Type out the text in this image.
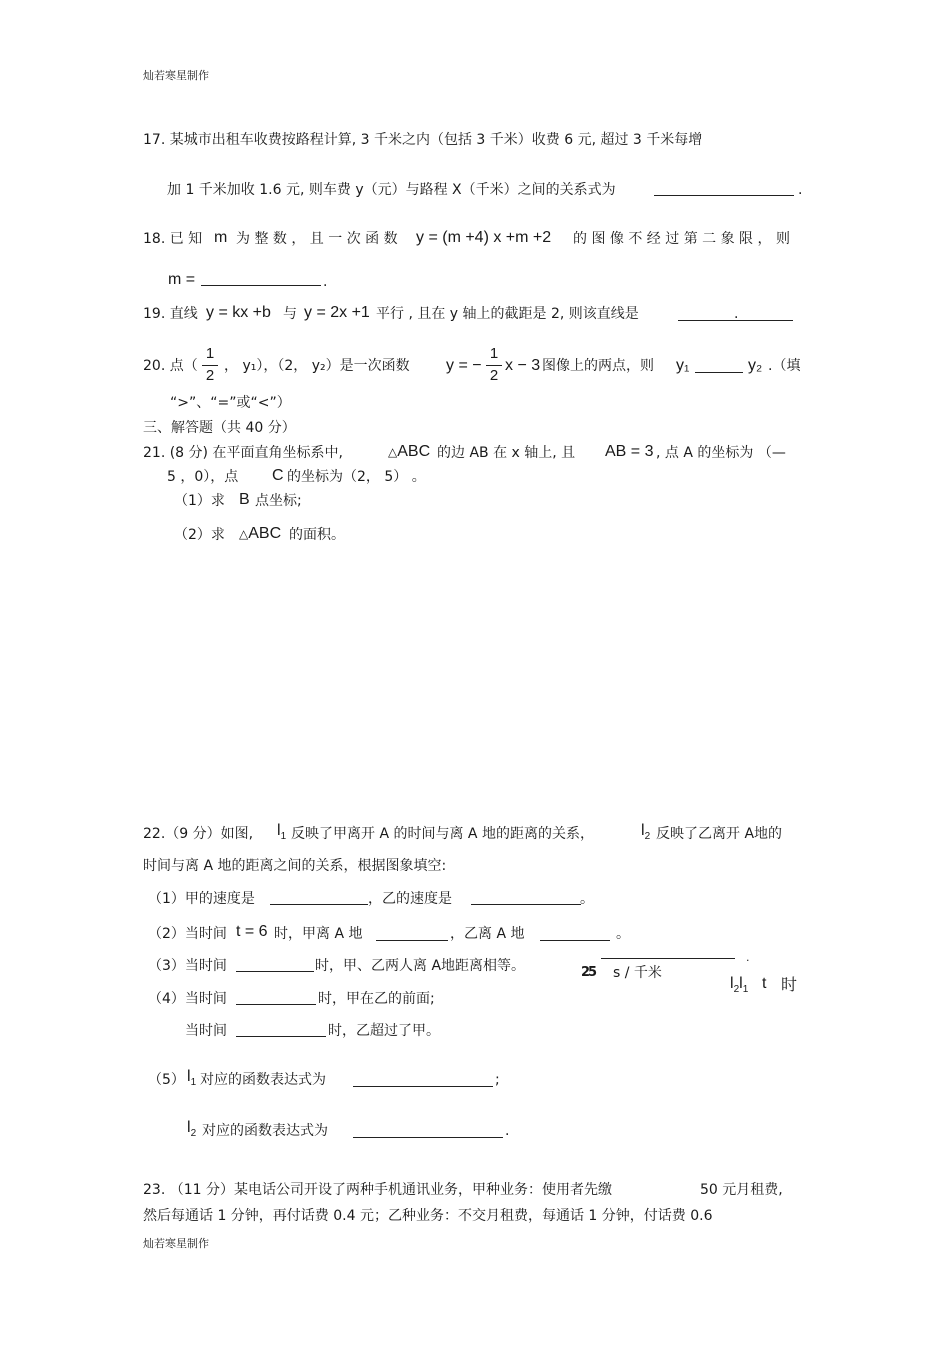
灿若寒星制作
17. 某城市出租车收费按路程计算, 3 千米之内（包括 3 千米）收费 6 元, 超过 3 千米每增
加 1 千米加收 1.6 元, 则车费 y（元）与路程 X（千米）之间的关系式为	.
18. 已 知 m 为 整 数 ， 且 一 次 函 数 y = (m +4) x +m +2 的 图 像 不 经 过 第 二 象 限 ， 则
m =	.
19. 直线 y = kx +b 与 y = 2x +1 平行 , 且在 y 轴上的截距是 2, 则该直线是	.
20. 点（
1
2
， y₁），（2， y₂）是一次函数 y = −
1
2
x − 3 图像上的两点，则 y₁	y₂ .（填
“>”、“=”或“<”）
三、解答题（共 40 分）
21. (8 分) 在平面直角坐标系中,	△ABC 的边 AB 在 x 轴上, 且 AB = 3 , 点 A 的坐标为 （—
5 ，0），点 C 的坐标为（2， 5） 。
（1）求 B 点坐标;
（2）求 △ABC 的面积。
22.（9 分）如图, $l_1$ 反映了甲离开 A 的时间与离 A 地的距离的关系，	$l_2$ 反映了乙离开 A地的
时间与离 A 地的距离之间的关系，根据图象填空:
（1）甲的速度是	，乙的速度是	。
（2）当时间 t = 6 时，甲离 A 地	，乙离 A 地	。
（3）当时间	时，甲、乙两人离 A地距离相等。
（4）当时间	时，甲在乙的前面;
当时间	时，乙超过了甲。
（5） $l_1$ 对应的函数表达式为	;
$l_2$ 对应的函数表达式为	.
·
25 s / 千米
$l_2l_1$ t 时
23. （11 分）某电话公司开设了两种手机通讯业务，甲种业务：使用者先缴	50 元月租费,
然后每通话 1 分钟，再付话费 0.4 元；乙种业务：不交月租费，每通话 1 分钟，付话费 0.6
灿若寒星制作
